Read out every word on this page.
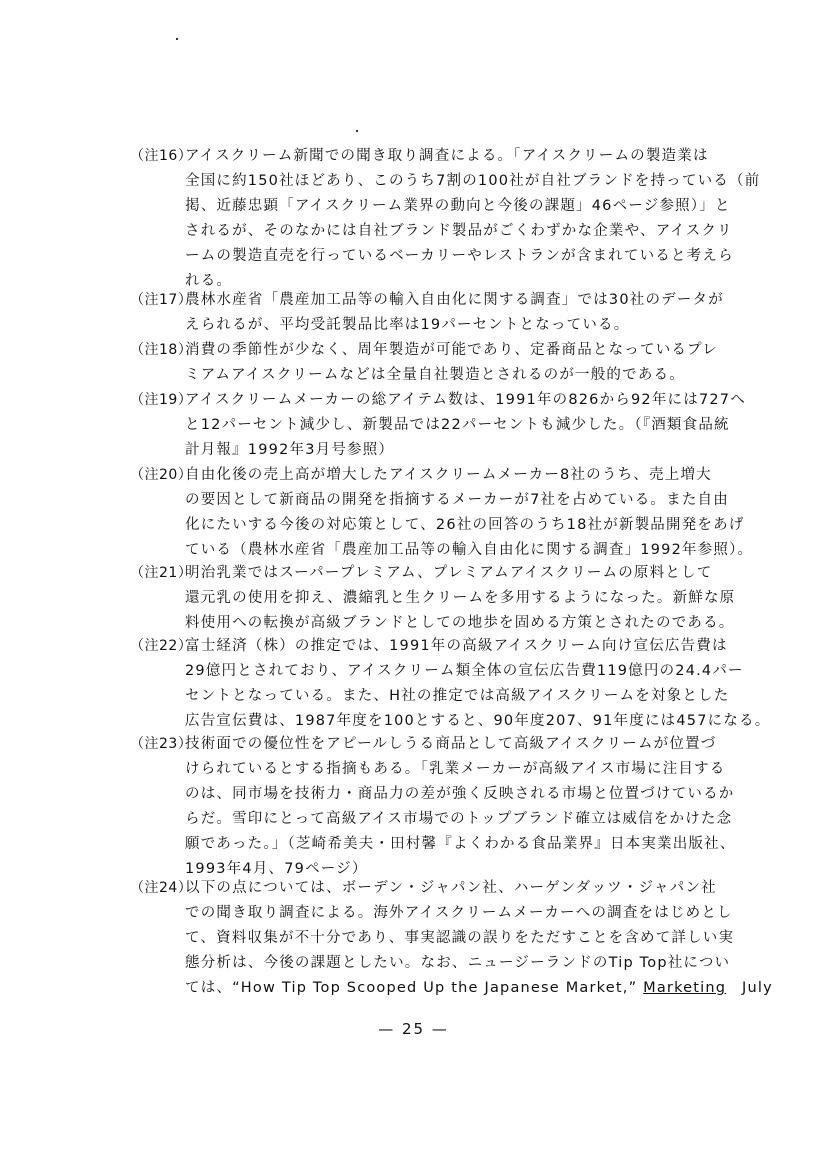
（注16）
アイスクリーム新聞での聞き取り調査による。「アイスクリームの製造業は
全国に約150社ほどあり、このうち7割の100社が自社ブランドを持っている（前
掲、近藤忠顕「アイスクリーム業界の動向と今後の課題」46ページ参照）」と
されるが、そのなかには自社ブランド製品がごくわずかな企業や、アイスクリ
ームの製造直売を行っているベーカリーやレストランが含まれていると考えら
れる。
（注17）
農林水産省「農産加工品等の輸入自由化に関する調査」では30社のデータが
えられるが、平均受託製品比率は19パーセントとなっている。
（注18）
消費の季節性が少なく、周年製造が可能であり、定番商品となっているプレ
ミアムアイスクリームなどは全量自社製造とされるのが一般的である。
（注19）
アイスクリームメーカーの総アイテム数は、1991年の826から92年には727へ
と12パーセント減少し、新製品では22パーセントも減少した。（『酒類食品統
計月報』1992年3月号参照）
（注20）
自由化後の売上高が増大したアイスクリームメーカー8社のうち、売上増大
の要因として新商品の開発を指摘するメーカーが7社を占めている。また自由
化にたいする今後の対応策として、26社の回答のうち18社が新製品開発をあげ
ている（農林水産省「農産加工品等の輸入自由化に関する調査」1992年参照）。
（注21）
明治乳業ではスーパープレミアム、プレミアムアイスクリームの原料として
還元乳の使用を抑え、濃縮乳と生クリームを多用するようになった。新鮮な原
料使用への転換が高級ブランドとしての地歩を固める方策とされたのである。
（注22）
富士経済（株）の推定では、1991年の高級アイスクリーム向け宣伝広告費は
29億円とされており、アイスクリーム類全体の宣伝広告費119億円の24.4パー
セントとなっている。また、H社の推定では高級アイスクリームを対象とした
広告宣伝費は、1987年度を100とすると、90年度207、91年度には457になる。
（注23）
技術面での優位性をアピールしうる商品として高級アイスクリームが位置づ
けられているとする指摘もある。「乳業メーカーが高級アイス市場に注目する
のは、同市場を技術力・商品力の差が強く反映される市場と位置づけているか
らだ。雪印にとって高級アイス市場でのトップブランド確立は威信をかけた念
願であった。」（芝崎希美夫・田村馨『よくわかる食品業界』日本実業出版社、
1993年4月、79ページ）
（注24）
以下の点については、ボーデン・ジャパン社、ハーゲンダッツ・ジャパン社
での聞き取り調査による。海外アイスクリームメーカーへの調査をはじめとし
て、資料収集が不十分であり、事実認識の誤りをただすことを含めて詳しい実
態分析は、今後の課題としたい。なお、ニュージーランドのTip Top社につい
ては、“How Tip Top Scooped Up the Japanese Market,” Marketing July
— 25 —
